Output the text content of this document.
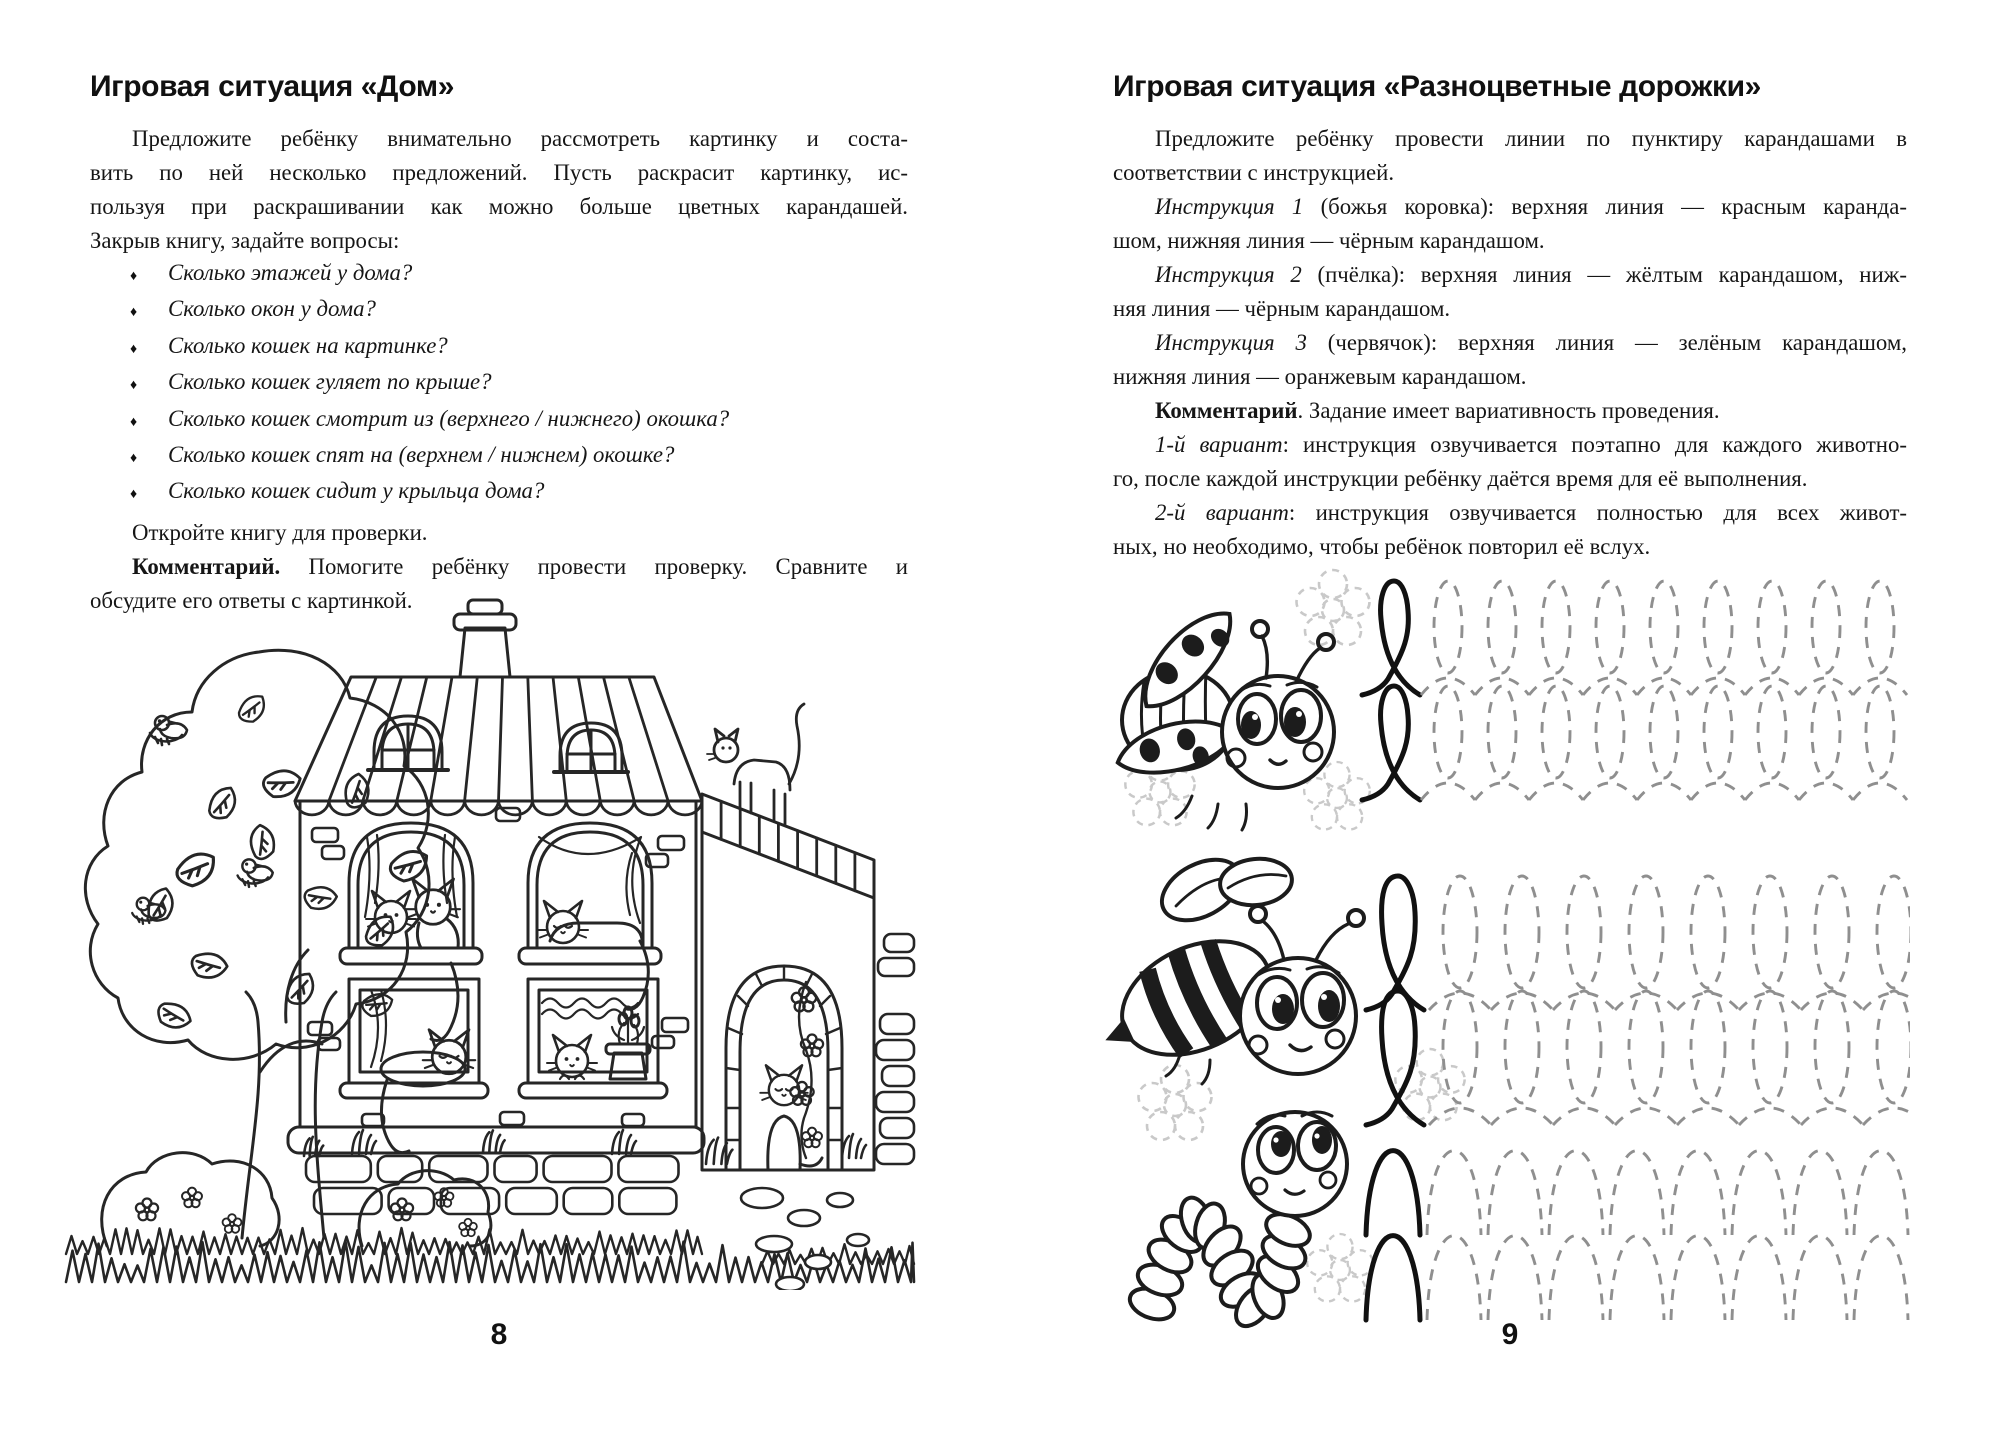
Игровая ситуация «Дом»

Предложите ребёнку внимательно рассмотреть картинку и соста-
вить по ней несколько предложений. Пусть раскрасит картинку, ис-
пользуя при раскрашивании как можно больше цветных карандашей.
Закрыв книгу, задайте вопросы:

♦	Сколько этажей у дома?
♦	Сколько окон у дома?
♦	Сколько кошек на картинке?
♦	Сколько кошек гуляет по крыше?
♦	Сколько кошек смотрит из (верхнего / нижнего) окошка?
♦	Сколько кошек спят на (верхнем / нижнем) окошке?
♦	Сколько кошек сидит у крыльца дома?

Откройте книгу для проверки.

Комментарий. Помогите ребёнку провести проверку. Сравните и
обсудите его ответы с картинкой.

8
Игровая ситуация «Разноцветные дорожки»

Предложите ребёнку провести линии по пунктиру карандашами в
соответствии с инструкцией.

Инструкция 1 (божья коровка): верхняя линия — красным каранда-
шом, нижняя линия — чёрным карандашом.

Инструкция 2 (пчёлка): верхняя линия — жёлтым карандашом, ниж-
няя линия — чёрным карандашом.

Инструкция 3 (червячок): верхняя линия — зелёным карандашом,
нижняя линия — оранжевым карандашом.

Комментарий. Задание имеет вариативность проведения.

1-й вариант: инструкция озвучивается поэтапно для каждого животно-
го, после каждой инструкции ребёнку даётся время для её выполнения.

2-й вариант: инструкция озвучивается полностью для всех живот-
ных, но необходимо, чтобы ребёнок повторил её вслух.

9
